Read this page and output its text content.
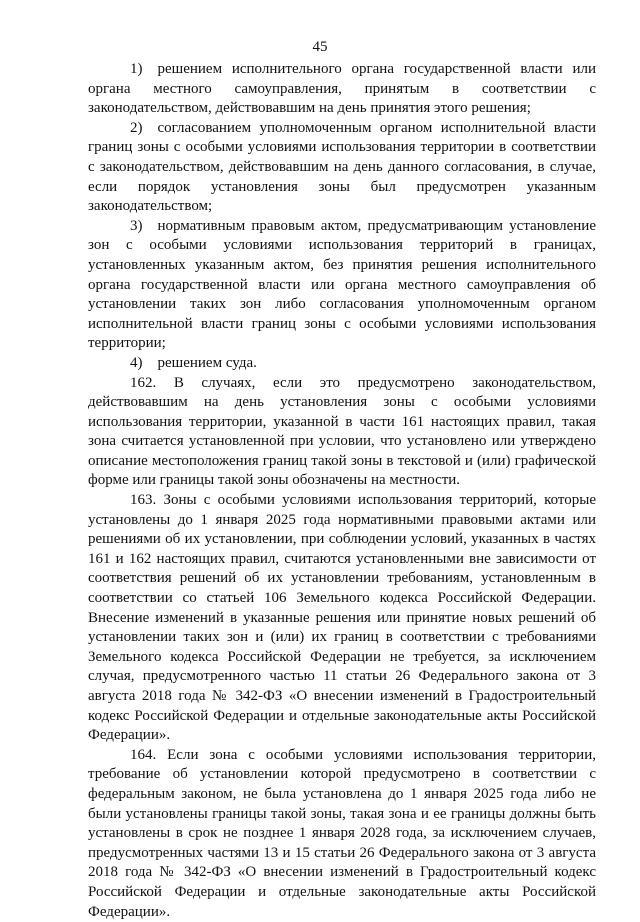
45

1) решением исполнительного органа государственной власти или органа местного самоуправления, принятым в соответствии с законодательством, действовавшим на день принятия этого решения;

2) согласованием уполномоченным органом исполнительной власти границ зоны с особыми условиями использования территории в соответствии с законодательством, действовавшим на день данного согласования, в случае, если порядок установления зоны был предусмотрен указанным законодательством;

3) нормативным правовым актом, предусматривающим установление зон с особыми условиями использования территорий в границах, установленных указанным актом, без принятия решения исполнительного органа государственной власти или органа местного самоуправления об установлении таких зон либо согласования уполномоченным органом исполнительной власти границ зоны с особыми условиями использования территории;

4) решением суда.

162. В случаях, если это предусмотрено законодательством, действовавшим на день установления зоны с особыми условиями использования территории, указанной в части 161 настоящих правил, такая зона считается установленной при условии, что установлено или утверждено описание местоположения границ такой зоны в текстовой и (или) графической форме или границы такой зоны обозначены на местности.

163. Зоны с особыми условиями использования территорий, которые установлены до 1 января 2025 года нормативными правовыми актами или решениями об их установлении, при соблюдении условий, указанных в частях 161 и 162 настоящих правил, считаются установленными вне зависимости от соответствия решений об их установлении требованиям, установленным в соответствии со статьей 106 Земельного кодекса Российской Федерации. Внесение изменений в указанные решения или принятие новых решений об установлении таких зон и (или) их границ в соответствии с требованиями Земельного кодекса Российской Федерации не требуется, за исключением случая, предусмотренного частью 11 статьи 26 Федерального закона от 3 августа 2018 года № 342-ФЗ «О внесении изменений в Градостроительный кодекс Российской Федерации и отдельные законодательные акты Российской Федерации».

164. Если зона с особыми условиями использования территории, требование об установлении которой предусмотрено в соответствии с федеральным законом, не была установлена до 1 января 2025 года либо не были установлены границы такой зоны, такая зона и ее границы должны быть установлены в срок не позднее 1 января 2028 года, за исключением случаев, предусмотренных частями 13 и 15 статьи 26 Федерального закона от 3 августа 2018 года № 342-ФЗ «О внесении изменений в Градостроительный кодекс Российской Федерации и отдельные законодательные акты Российской Федерации».
